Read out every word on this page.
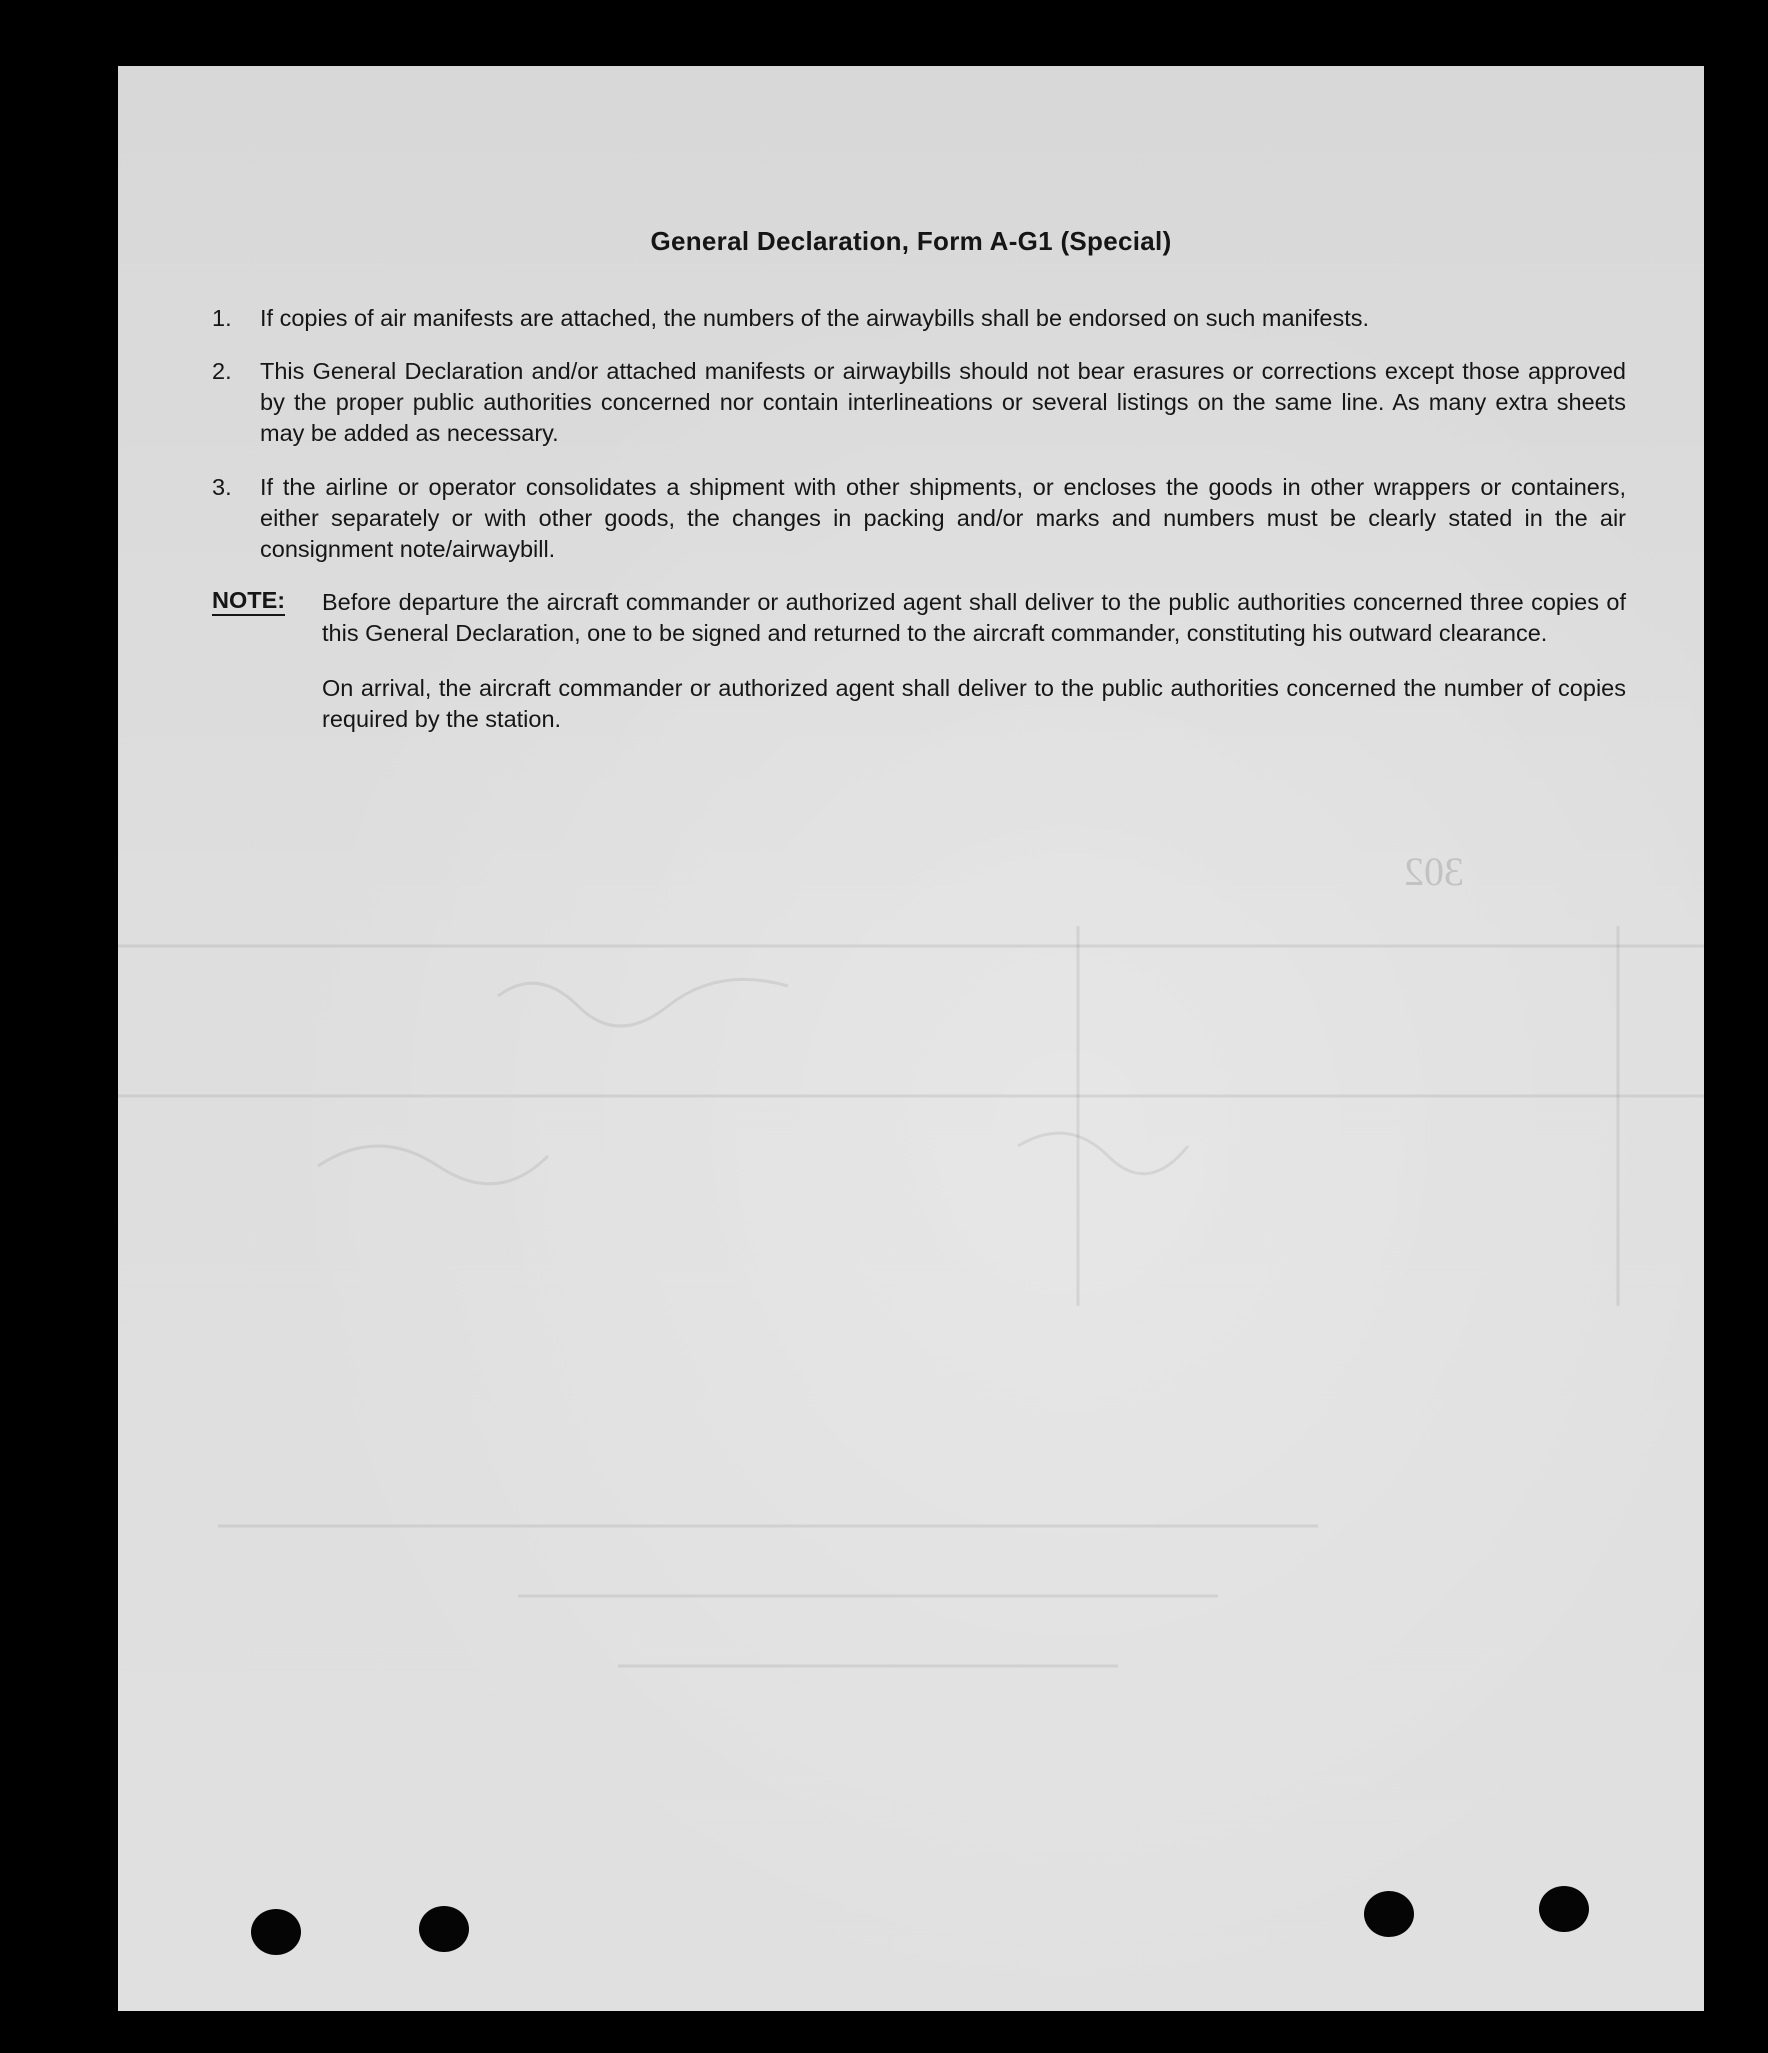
General Declaration, Form A-G1 (Special)
1.	If copies of air manifests are attached, the numbers of the airwaybills shall be endorsed on such manifests.
2.	This General Declaration and/or attached manifests or airwaybills should not bear erasures or corrections except those approved by the proper public authorities concerned nor contain interlineations or several listings on the same line. As many extra sheets may be added as necessary.
3.	If the airline or operator consolidates a shipment with other shipments, or encloses the goods in other wrappers or containers, either separately or with other goods, the changes in packing and/or marks and numbers must be clearly stated in the air consignment note/airwaybill.
NOTE: Before departure the aircraft commander or authorized agent shall deliver to the public authorities concerned three copies of this General Declaration, one to be signed and returned to the aircraft commander, constituting his outward clearance.
On arrival, the aircraft commander or authorized agent shall deliver to the public authorities concerned the number of copies required by the station.
302
